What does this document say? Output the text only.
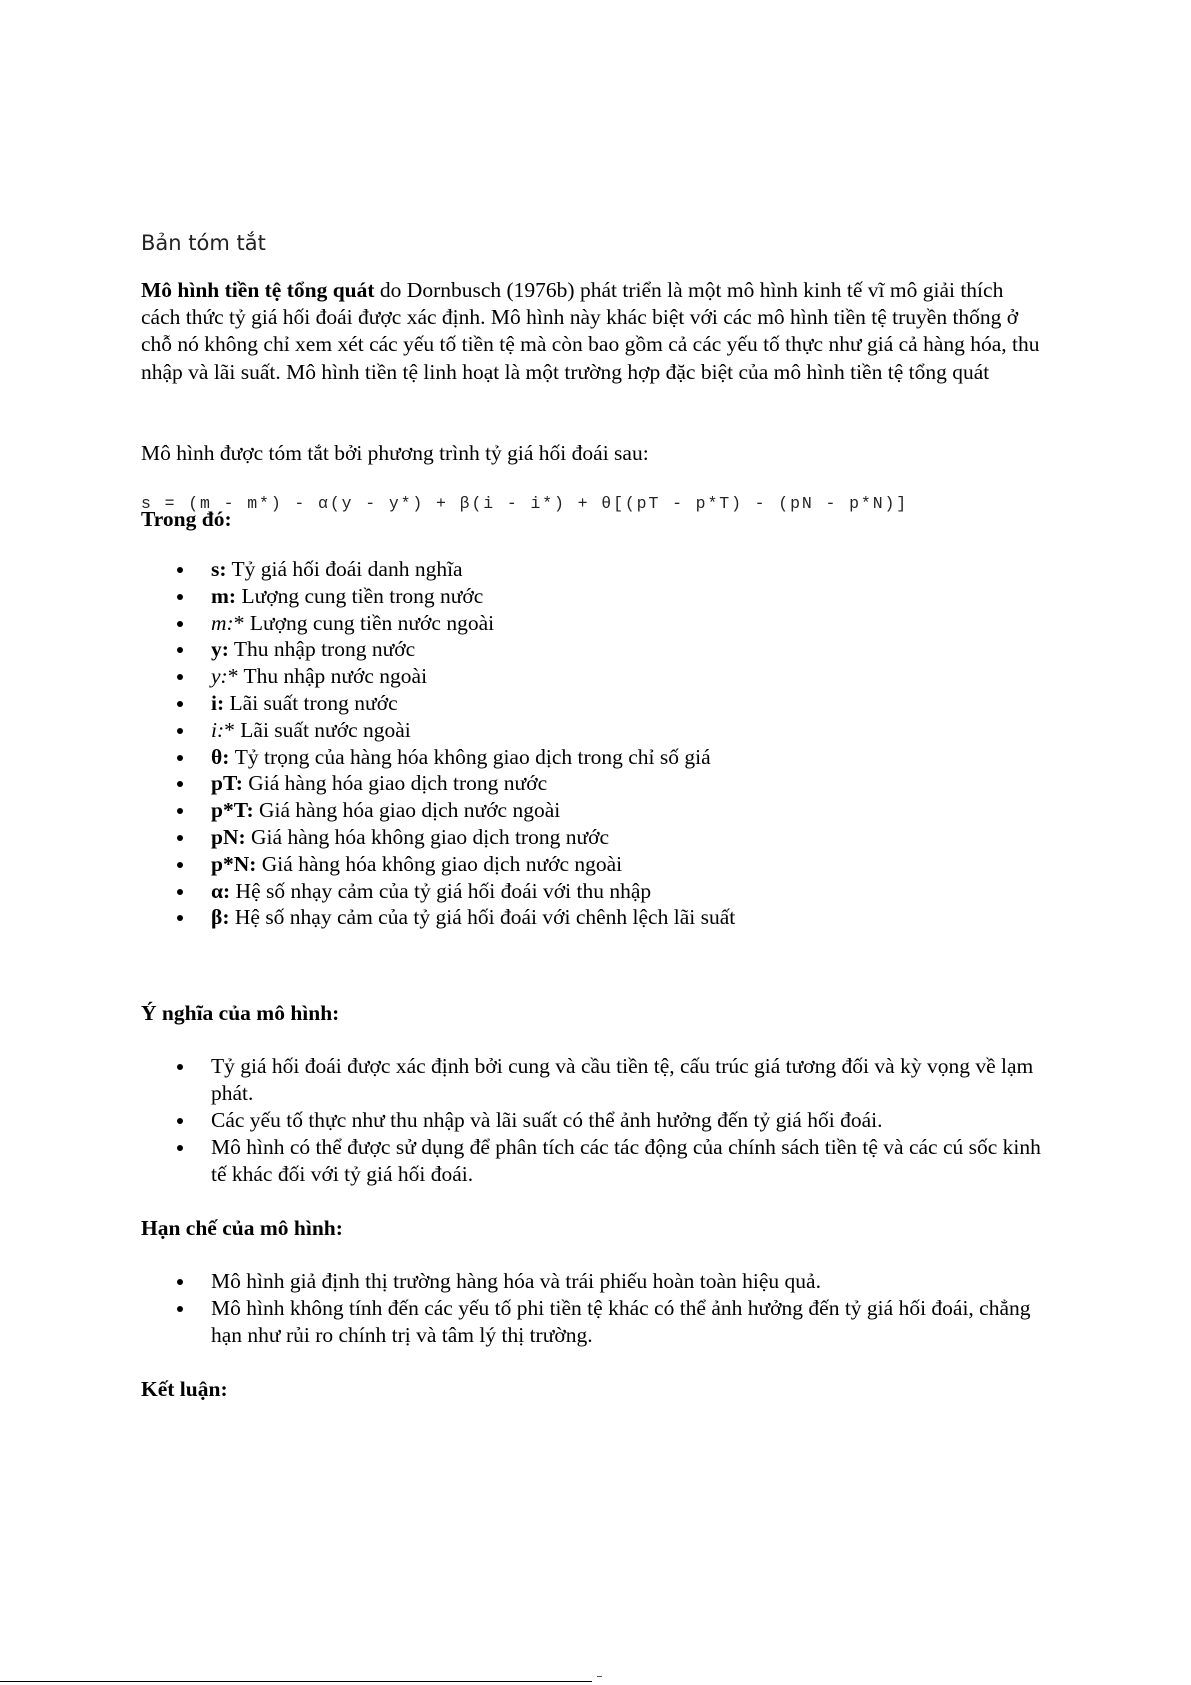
Bản tóm tắt

Mô hình tiền tệ tổng quát do Dornbusch (1976b) phát triển là một mô hình kinh tế vĩ mô giải thích cách thức tỷ giá hối đoái được xác định. Mô hình này khác biệt với các mô hình tiền tệ truyền thống ở chỗ nó không chỉ xem xét các yếu tố tiền tệ mà còn bao gồm cả các yếu tố thực như giá cả hàng hóa, thu nhập và lãi suất. Mô hình tiền tệ linh hoạt là một trường hợp đặc biệt của mô hình tiền tệ tổng quát

Mô hình được tóm tắt bởi phương trình tỷ giá hối đoái sau:

s = (m - m*) - α(y - y*) + β(i - i*) + θ[(pT - p*T) - (pN - p*N)]

Trong đó:

s: Tỷ giá hối đoái danh nghĩa
m: Lượng cung tiền trong nước
m:* Lượng cung tiền nước ngoài
y: Thu nhập trong nước
y:* Thu nhập nước ngoài
i: Lãi suất trong nước
i:* Lãi suất nước ngoài
θ: Tỷ trọng của hàng hóa không giao dịch trong chỉ số giá
pT: Giá hàng hóa giao dịch trong nước
p*T: Giá hàng hóa giao dịch nước ngoài
pN: Giá hàng hóa không giao dịch trong nước
p*N: Giá hàng hóa không giao dịch nước ngoài
α: Hệ số nhạy cảm của tỷ giá hối đoái với thu nhập
β: Hệ số nhạy cảm của tỷ giá hối đoái với chênh lệch lãi suất

Ý nghĩa của mô hình:

Tỷ giá hối đoái được xác định bởi cung và cầu tiền tệ, cấu trúc giá tương đối và kỳ vọng về lạm phát.
Các yếu tố thực như thu nhập và lãi suất có thể ảnh hưởng đến tỷ giá hối đoái.
Mô hình có thể được sử dụng để phân tích các tác động của chính sách tiền tệ và các cú sốc kinh tế khác đối với tỷ giá hối đoái.

Hạn chế của mô hình:

Mô hình giả định thị trường hàng hóa và trái phiếu hoàn toàn hiệu quả.
Mô hình không tính đến các yếu tố phi tiền tệ khác có thể ảnh hưởng đến tỷ giá hối đoái, chẳng hạn như rủi ro chính trị và tâm lý thị trường.

Kết luận:
